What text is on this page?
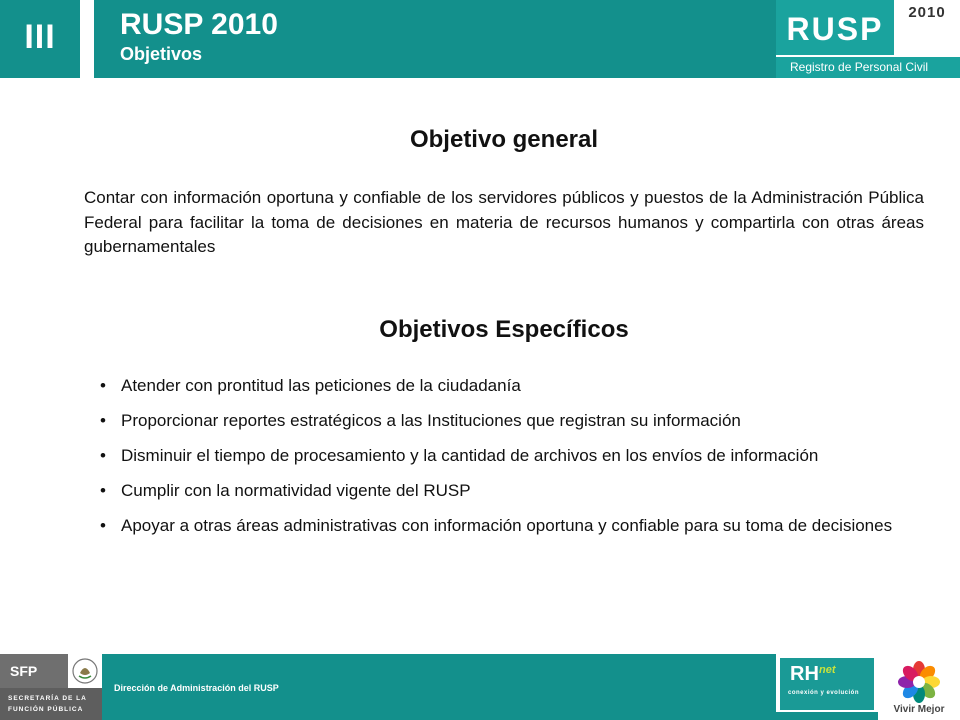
III	RUSP 2010
Objetivos
RUSP	2010
Registro de Personal Civil
Objetivo general
Contar con información oportuna y confiable de los servidores públicos y puestos de la Administración Pública Federal para facilitar la toma de decisiones en materia de recursos humanos y compartirla con otras áreas gubernamentales
Objetivos Específicos
• Atender con prontitud las peticiones de la ciudadanía
• Proporcionar reportes estratégicos a las Instituciones que registran su información
• Disminuir el tiempo de procesamiento y la cantidad de archivos en los envíos de información
• Cumplir con la normatividad vigente del RUSP
• Apoyar a otras áreas administrativas con información oportuna y confiable para su toma de decisiones
SFP
SECRETARÍA DE LA
FUNCIÓN PÚBLICA
Dirección de Administración del RUSP
RH net
conexión y evolución
Vivir Mejor
